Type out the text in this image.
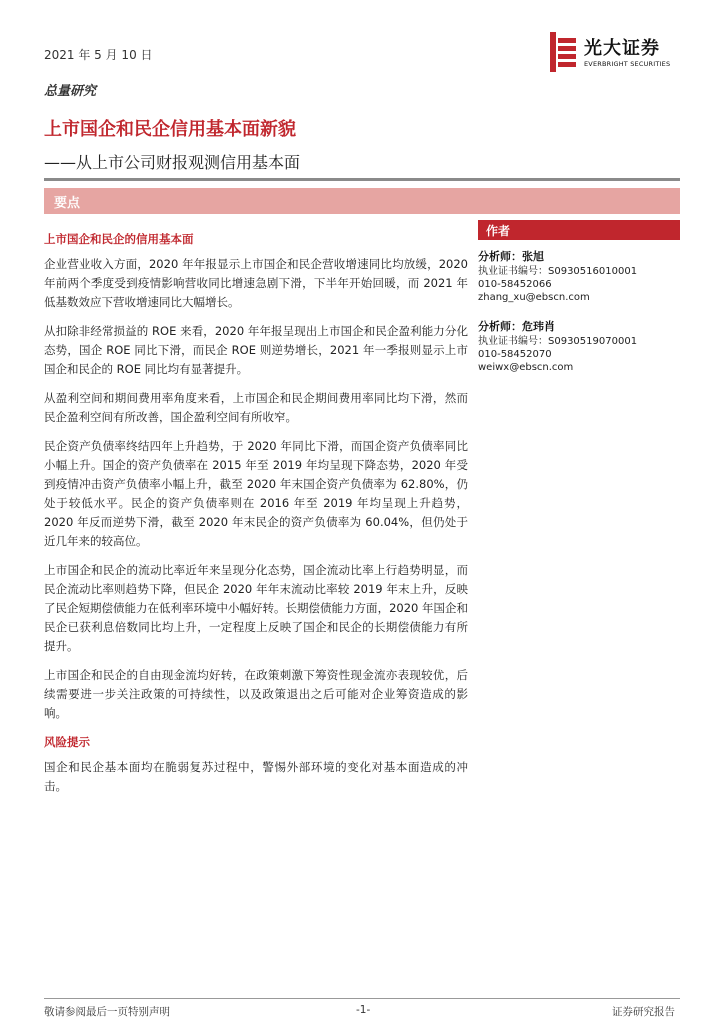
2021 年 5 月 10 日	光大证券
EVERBRIGHT SECURITIES
总量研究
上市国企和民企信用基本面新貌
——从上市公司财报观测信用基本面
要点
上市国企和民企的信用基本面

企业营业收入方面，2020 年年报显示上市国企和民企营收增速同比均放缓，2020 年前两个季度受到疫情影响营收同比增速急剧下滑，下半年开始回暖，而 2021 年低基数效应下营收增速同比大幅增长。

从扣除非经常损益的 ROE 来看，2020 年年报呈现出上市国企和民企盈利能力分化态势，国企 ROE 同比下滑，而民企 ROE 则逆势增长，2021 年一季报则显示上市国企和民企的 ROE 同比均有显著提升。

从盈利空间和期间费用率角度来看，上市国企和民企期间费用率同比均下滑，然而民企盈利空间有所改善，国企盈利空间有所收窄。

民企资产负债率终结四年上升趋势，于 2020 年同比下滑，而国企资产负债率同比小幅上升。国企的资产负债率在 2015 年至 2019 年均呈现下降态势，2020 年受到疫情冲击资产负债率小幅上升，截至 2020 年末国企资产负债率为 62.80%，仍处于较低水平。民企的资产负债率则在 2016 年至 2019 年均呈现上升趋势，2020 年反而逆势下滑，截至 2020 年末民企的资产负债率为 60.04%，但仍处于近几年来的较高位。

上市国企和民企的流动比率近年来呈现分化态势，国企流动比率上行趋势明显，而民企流动比率则趋势下降，但民企 2020 年年末流动比率较 2019 年末上升，反映了民企短期偿债能力在低利率环境中小幅好转。长期偿债能力方面，2020 年国企和民企已获利息倍数同比均上升，一定程度上反映了国企和民企的长期偿债能力有所提升。

上市国企和民企的自由现金流均好转，在政策刺激下筹资性现金流亦表现较优，后续需要进一步关注政策的可持续性，以及政策退出之后可能对企业筹资造成的影响。

风险提示

国企和民企基本面均在脆弱复苏过程中，警惕外部环境的变化对基本面造成的冲击。

作者
分析师：张旭
执业证书编号：S0930516010001
010-58452066
zhang_xu@ebscn.com
分析师：危玮肖
执业证书编号：S0930519070001
010-58452070
weiwx@ebscn.com
敬请参阅最后一页特别声明	-1-	证券研究报告
